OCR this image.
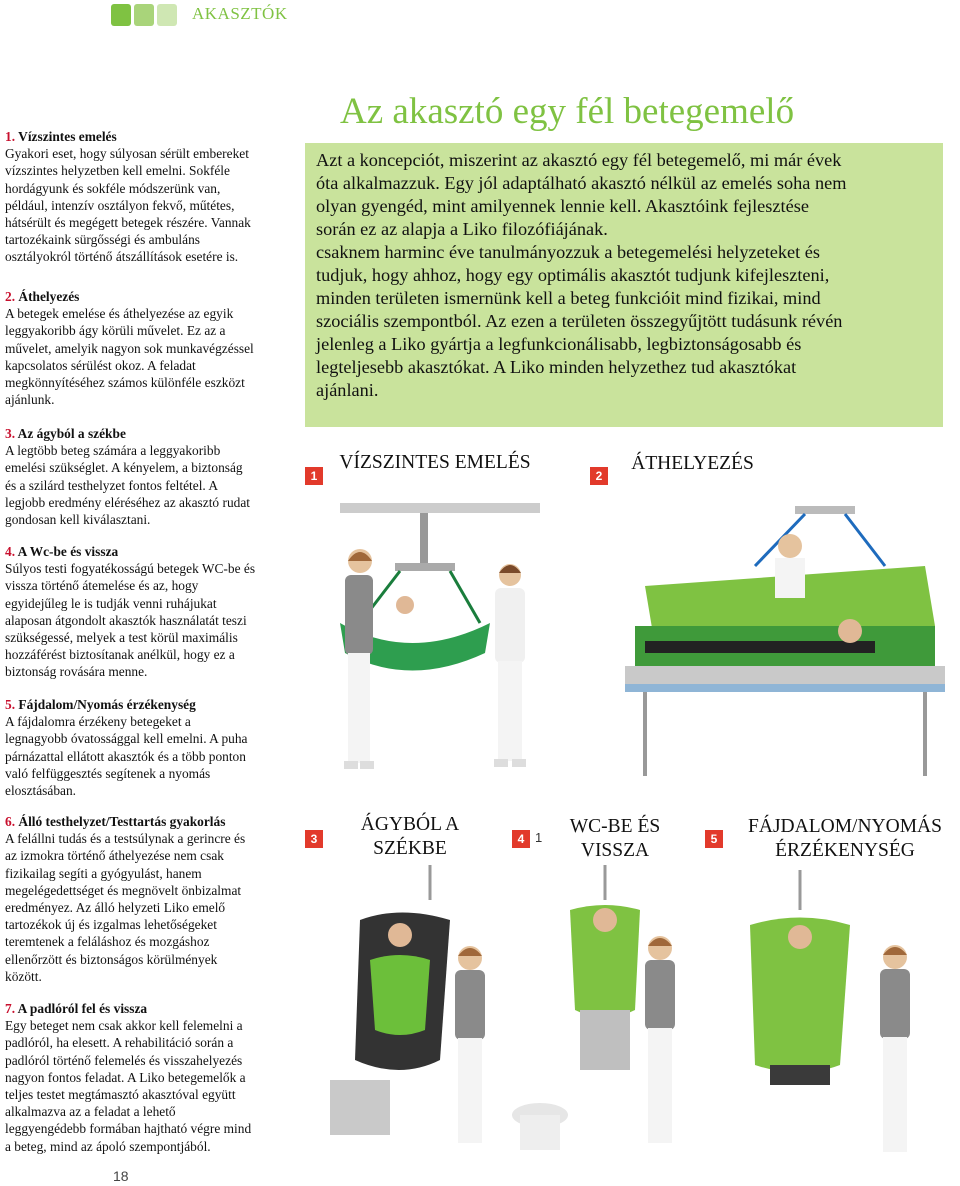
AKASZTÓK
1. Vízszintes emelés
Gyakori eset, hogy súlyosan sérült embereket
vízszintes helyzetben kell emelni. Sokféle
hordágyunk és sokféle módszerünk van,
például, intenzív osztályon fekvő, műtétes,
hátsérült és megégett betegek részére. Vannak
tartozékaink sürgősségi és ambuláns
osztályokról történő átszállítások esetére is.
2. Áthelyezés
A betegek emelése és áthelyezése az egyik
leggyakoribb ágy körüli művelet. Ez az a
művelet, amelyik nagyon sok munkavégzéssel
kapcsolatos sérülést okoz. A feladat
megkönnyítéséhez számos különféle eszközt
ajánlunk.
3. Az ágyból a székbe
A legtöbb beteg számára a leggyakoribb
emelési szükséglet. A kényelem, a biztonság
és a szilárd testhelyzet fontos feltétel. A
legjobb eredmény eléréséhez az akasztó rudat
gondosan kell kiválasztani.
4. A Wc-be és vissza
Súlyos testi fogyatékosságú betegek WC-be és
vissza történő átemelése és az, hogy
egyidejűleg le is tudják venni ruhájukat
alaposan átgondolt akasztók használatát teszi
szükségessé, melyek a test körül maximális
hozzáférést biztosítanak anélkül, hogy ez a
biztonság rovására menne.
5. Fájdalom/Nyomás érzékenység
A fájdalomra érzékeny betegeket a
legnagyobb óvatossággal kell emelni. A puha
párnázattal ellátott akasztók és a több ponton
való felfüggesztés segítenek a nyomás
elosztásában.
6. Álló testhelyzet/Testtartás gyakorlás
A felállni tudás és a testsúlynak a gerincre és
az izmokra történő áthelyezése nem csak
fizikailag segíti a gyógyulást, hanem
megelégedettséget és megnövelt önbizalmat
eredményez. Az álló helyzeti Liko emelő
tartozékok új és izgalmas lehetőségeket
teremtenek a feláláshoz és mozgáshoz
ellenőrzött és biztonságos körülmények
között.
7. A padlóról fel és vissza
Egy beteget nem csak akkor kell felemelni a
padlóról, ha elesett. A rehabilitáció során a
padlóról történő felemelés és visszahelyezés
nagyon fontos feladat. A Liko betegemelők a
teljes testet megtámasztó akasztóval együtt
alkalmazva az a feladat a lehető
leggyengédebb formában hajtható végre mind
a beteg, mind az ápoló szempontjából.
Az akasztó egy fél betegemelő

Azt a koncepciót, miszerint az akasztó egy fél betegemelő, mi már évek
óta alkalmazzuk. Egy jól adaptálható akasztó nélkül az emelés soha nem
olyan gyengéd, mint amilyennek lennie kell. Akasztóink fejlesztése
során ez az alapja a Liko filozófiájának.
csaknem harminc éve tanulmányozzuk a betegemelési helyzeteket és
tudjuk, hogy ahhoz, hogy egy optimális akasztót tudjunk kifejleszteni,
minden területen ismernünk kell a beteg funkcióit mind fizikai, mind
szociális szempontból. Az ezen a területen összegyűjtött tudásunk révén
jelenleg a Liko gyártja a legfunkcionálisabb, legbiztonságosabb és
legteljesebb akasztókat. A Liko minden helyzethez tud akasztókat
ajánlani.

1
VÍZSZINTES EMELÉS
2
ÁTHELYEZÉS
3
ÁGYBÓL A
SZÉKBE	4 1
WC-BE ÉS
VISSZA
5
FÁJDALOM/NYOMÁS
ÉRZÉKENYSÉG
18
